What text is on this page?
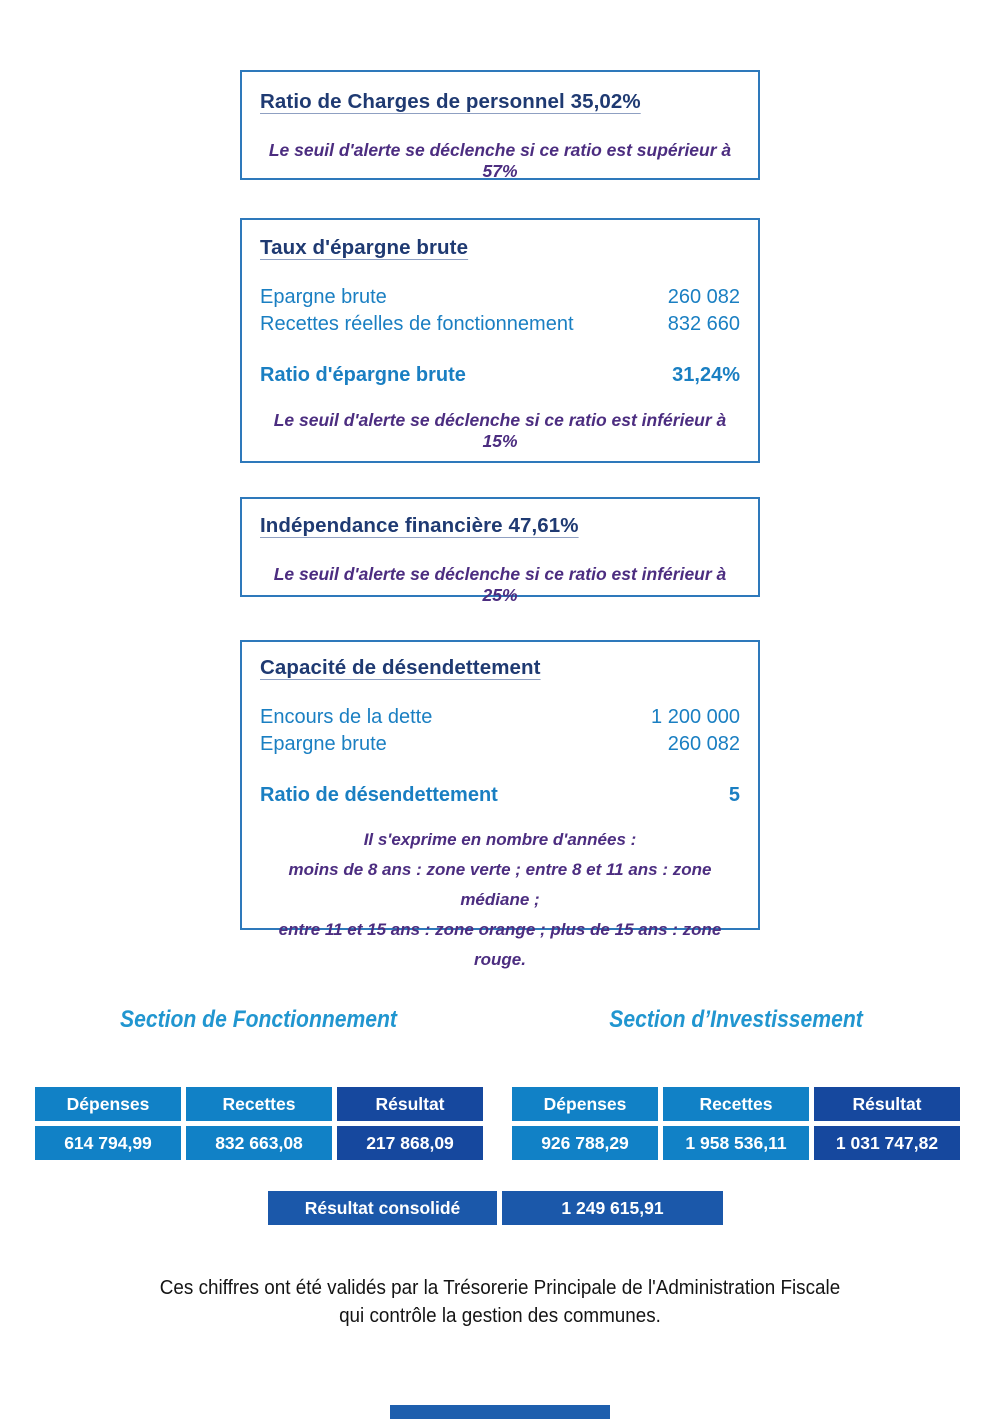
Ratio de Charges de personnel 35,02%
Le seuil d'alerte se déclenche si ce ratio est supérieur à 57%
Taux d'épargne brute
Epargne brute	260 082
Recettes réelles de fonctionnement	832 660
Ratio d'épargne brute	31,24%
Le seuil d'alerte se déclenche si ce ratio est inférieur à 15%
Indépendance financière 47,61%
Le seuil d'alerte se déclenche si ce ratio est inférieur à 25%
Capacité de désendettement
Encours de la dette	1 200 000
Epargne brute	260 082
Ratio de désendettement	5
Il s'exprime en nombre d'années :
moins de 8 ans : zone verte ; entre 8 et 11 ans : zone médiane ;
entre 11 et 15 ans : zone orange ; plus de 15 ans : zone rouge.
Section de Fonctionnement	Section d’Investissement
Dépenses	Recettes	Résultat
614 794,99	832 663,08	217 868,09
Dépenses	Recettes	Résultat
926 788,29	1 958 536,11	1 031 747,82
Résultat consolidé	1 249 615,91
Ces chiffres ont été validés par la Trésorerie Principale de l'Administration Fiscale
qui contrôle la gestion des communes.
